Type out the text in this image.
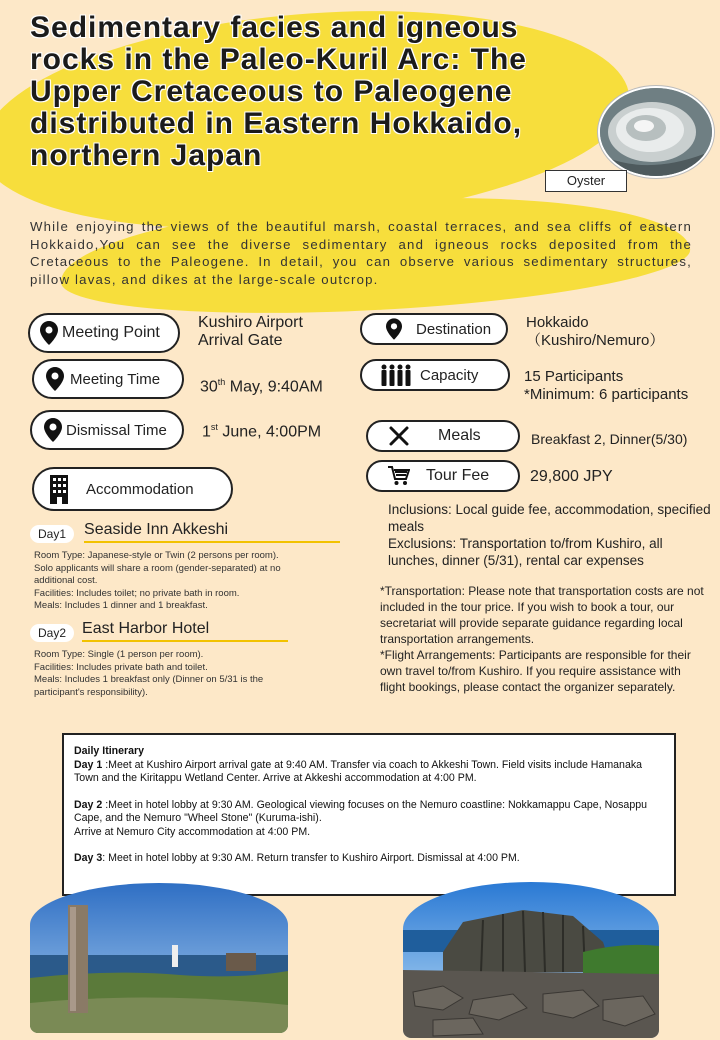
Sedimentary facies and igneous rocks in the Paleo-Kuril Arc: The Upper Cretaceous to Paleogene distributed in Eastern Hokkaido, northern Japan
Oyster

While enjoying the views of the beautiful marsh, coastal terraces, and sea cliffs of eastern Hokkaido,You can see the diverse sedimentary and igneous rocks deposited from the Cretaceous to the Paleogene. In detail, you can observe various sedimentary structures, pillow lavas, and dikes at the large-scale outcrop.

Meeting Point
Kushiro Airport
Arrival Gate
Meeting Time 30th May, 9:40AM
Dismissal Time 1st June, 4:00PM
Accommodation
Day1	Seaside Inn Akkeshi
Room Type: Japanese-style or Twin (2 persons per room).
Solo applicants will share a room (gender-separated) at no
additional cost.
Facilities: Includes toilet; no private bath in room.
Meals: Includes 1 dinner and 1 breakfast.
Day2	East Harbor Hotel
Room Type: Single (1 person per room).
Facilities: Includes private bath and toilet.
Meals: Includes 1 breakfast only (Dinner on 5/31 is the
participant's responsibility).
Destination Hokkaido
（Kushiro/Nemuro）
Capacity	15 Participants
*Minimum: 6 participants
Meals	Breakfast 2, Dinner(5/30)
Tour Fee	29,800 JPY
Inclusions: Local guide fee, accommodation, specified meals
Exclusions: Transportation to/from Kushiro, all lunches, dinner (5/31), rental car expenses
*Transportation: Please note that transportation costs are not included in the tour price. If you wish to book a tour, our secretariat will provide separate guidance regarding local transportation arrangements.
*Flight Arrangements: Participants are responsible for their own travel to/from Kushiro. If you require assistance with flight bookings, please contact the organizer separately.
Daily Itinerary

Day 1 :Meet at Kushiro Airport arrival gate at 9:40 AM. Transfer via coach to Akkeshi Town. Field visits include Hamanaka Town and the Kiritappu Wetland Center. Arrive at Akkeshi accommodation at 4:00 PM.

Day 2 :Meet in hotel lobby at 9:30 AM. Geological viewing focuses on the Nemuro coastline: Nokkamappu Cape, Nosappu Cape, and the Nemuro "Wheel Stone" (Kuruma-ishi).
Arrive at Nemuro City accommodation at 4:00 PM.

Day 3: Meet in hotel lobby at 9:30 AM. Return transfer to Kushiro Airport. Dismissal at 4:00 PM.
